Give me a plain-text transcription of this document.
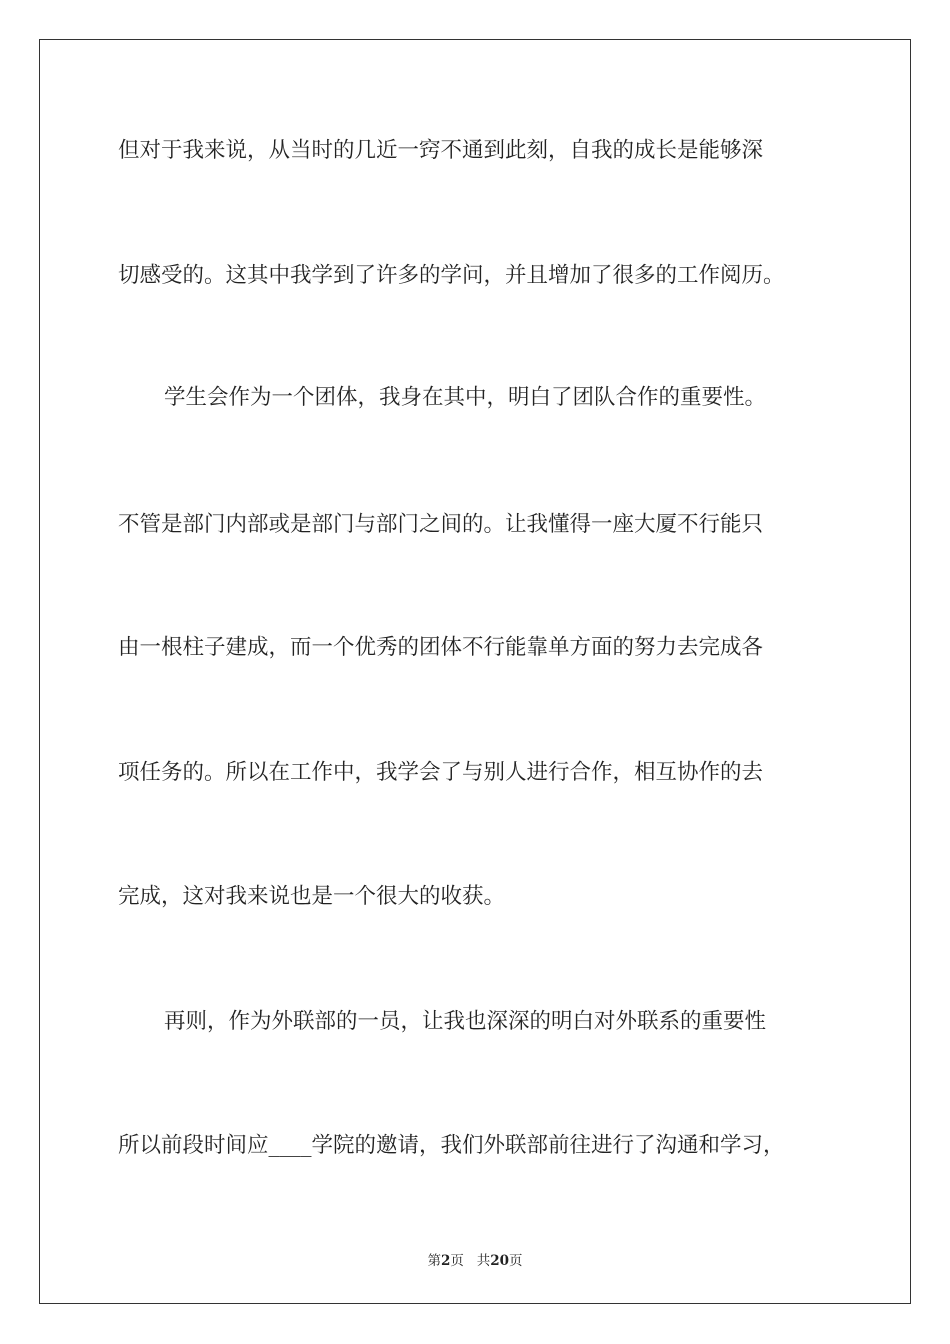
但对于我来说，从当时的几近一窍不通到此刻，自我的成长是能够深
切感受的。这其中我学到了许多的学问，并且增加了很多的工作阅历。
学生会作为一个团体，我身在其中，明白了团队合作的重要性。
不管是部门内部或是部门与部门之间的。让我懂得一座大厦不行能只
由一根柱子建成，而一个优秀的团体不行能靠单方面的努力去完成各
项任务的。所以在工作中，我学会了与别人进行合作，相互协作的去
完成，这对我来说也是一个很大的收获。
再则，作为外联部的一员，让我也深深的明白对外联系的重要性
所以前段时间应____学院的邀请，我们外联部前往进行了沟通和学习，
第2页 共20页
